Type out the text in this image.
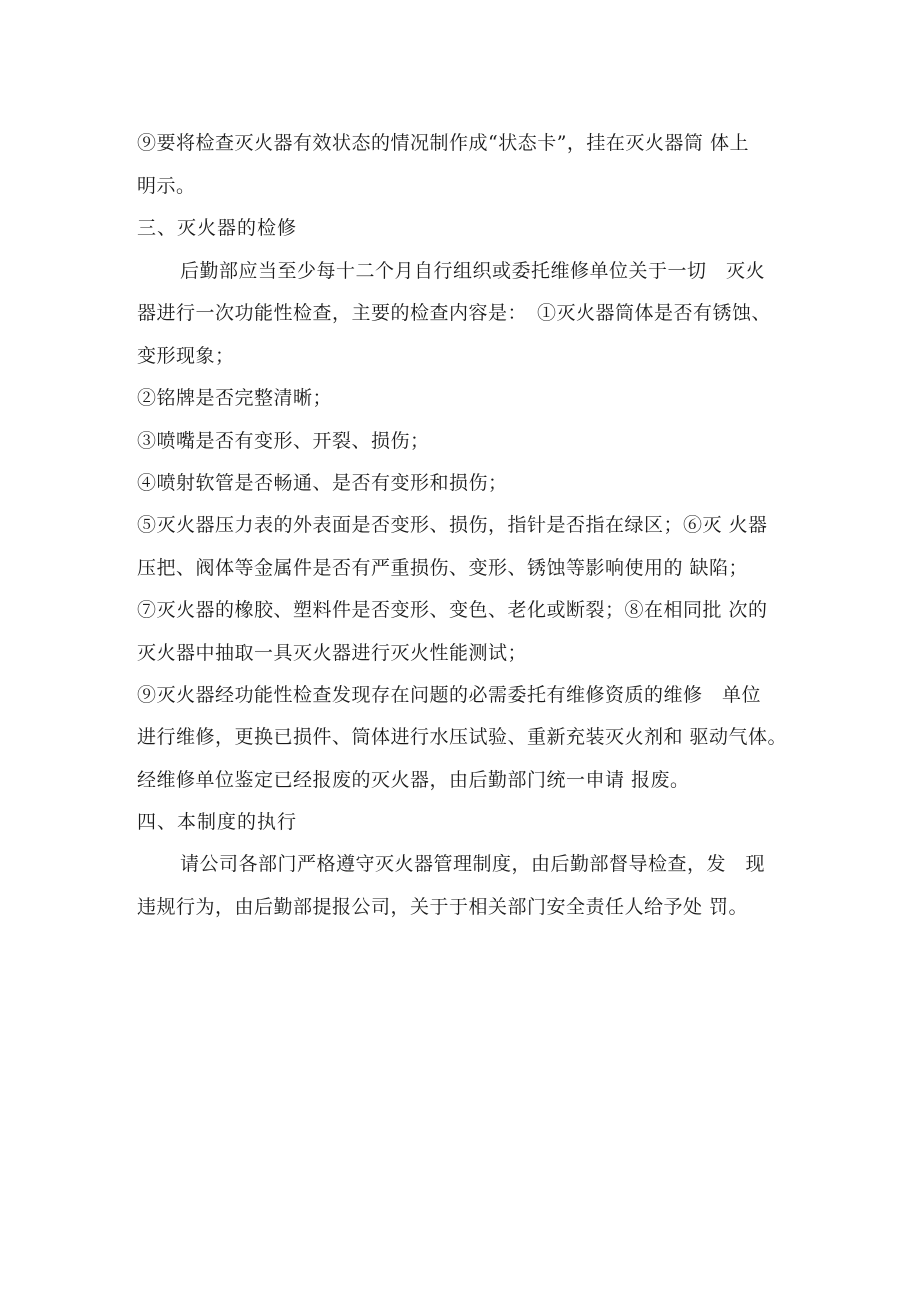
⑨要将检查灭火器有效状态的情况制作成“状态卡”，挂在灭火器筒 体上
明示。
三、灭火器的检修
后勤部应当至少每十二个月自行组织或委托维修单位关于一切　灭火
器进行一次功能性检查，主要的检查内容是：　①灭火器筒体是否有锈蚀、
变形现象；
②铭牌是否完整清晰；
③喷嘴是否有变形、开裂、损伤；
④喷射软管是否畅通、是否有变形和损伤；
⑤灭火器压力表的外表面是否变形、损伤，指针是否指在绿区；⑥灭 火器
压把、阀体等金属件是否有严重损伤、变形、锈蚀等影响使用的 缺陷；
⑦灭火器的橡胶、塑料件是否变形、变色、老化或断裂；⑧在相同批 次的
灭火器中抽取一具灭火器进行灭火性能测试；
⑨灭火器经功能性检查发现存在问题的必需委托有维修资质的维修　单位
进行维修，更换已损件、筒体进行水压试验、重新充装灭火剂和 驱动气体。
经维修单位鉴定已经报废的灭火器，由后勤部门统一申请 报废。
四、本制度的执行
请公司各部门严格遵守灭火器管理制度，由后勤部督导检查，发　现
违规行为，由后勤部提报公司，关于于相关部门安全责任人给予处 罚。
